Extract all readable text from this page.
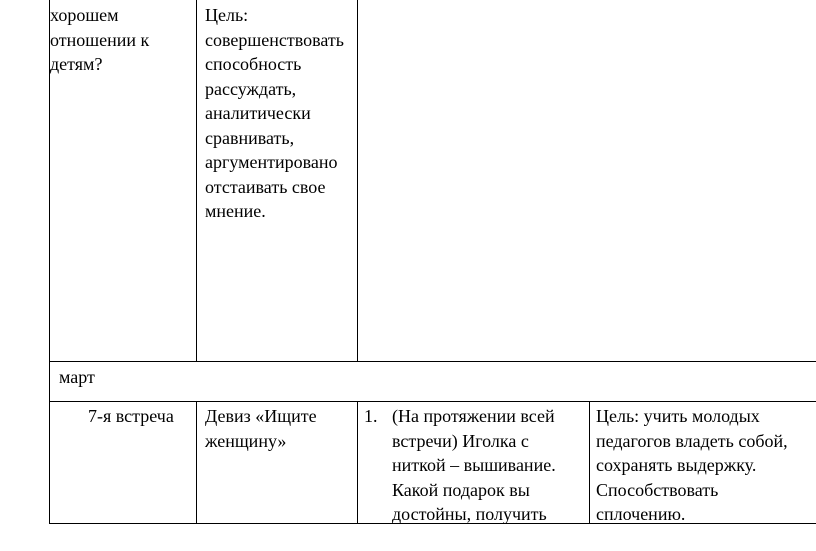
хорошем
отношении к
детям?

Цель:
совершенствовать
способность
рассуждать,
аналитически
сравнивать,
аргументировано
отстаивать свое
мнение.

март

7-я встреча Девиз «Ищите
женщину»

1. (На протяжении всей
встречи) Иголка с
ниткой – вышивание.
Какой подарок вы
достойны, получить

Цель: учить молодых
педагогов владеть собой,
сохранять выдержку.
Способствовать
сплочению.
